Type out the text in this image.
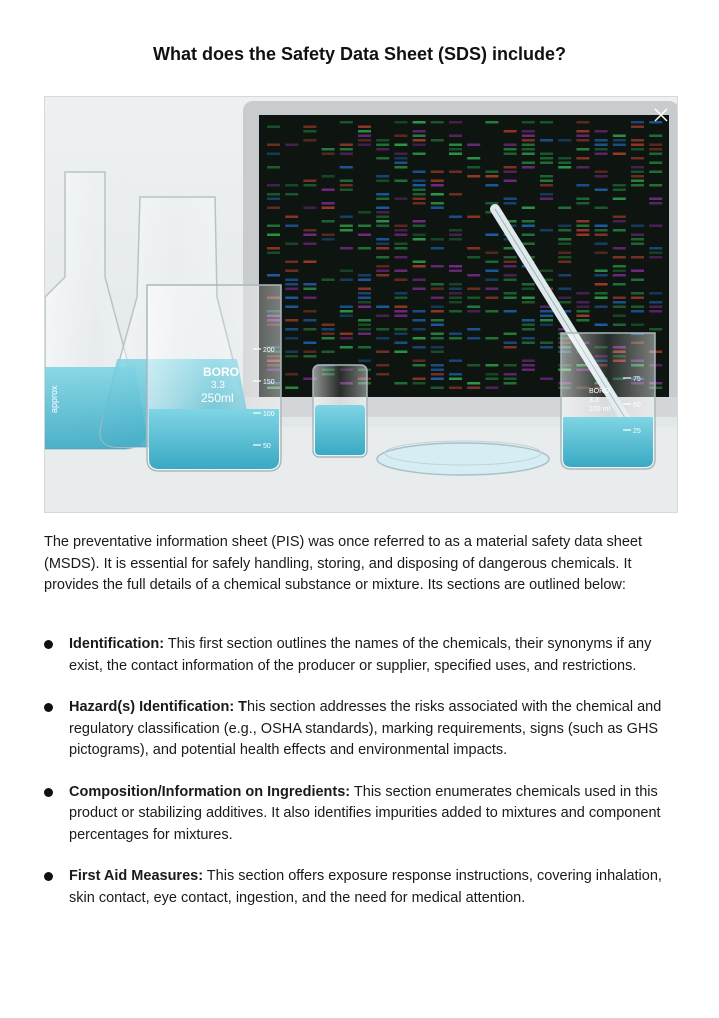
What does the Safety Data Sheet (SDS) include?
approx
BORO
3.3
250ml
200
150
100
50
BORO
3.3
100 ml
75
50
25

The preventative information sheet (PIS) was once referred to as a material safety data sheet (MSDS). It is essential for safely handling, storing, and disposing of dangerous chemicals. It provides the full details of a chemical substance or mixture. Its sections are outlined below:

Identification: This first section outlines the names of the chemicals, their synonyms if any exist, the contact information of the producer or supplier, specified uses, and restrictions.
Hazard(s) Identification: This section addresses the risks associated with the chemical and regulatory classification (e.g., OSHA standards), marking requirements, signs (such as GHS pictograms), and potential health effects and environmental impacts.
Composition/Information on Ingredients: This section enumerates chemicals used in this product or stabilizing additives. It also identifies impurities added to mixtures and component percentages for mixtures.
First Aid Measures: This section offers exposure response instructions, covering inhalation, skin contact, eye contact, ingestion, and the need for medical attention.
